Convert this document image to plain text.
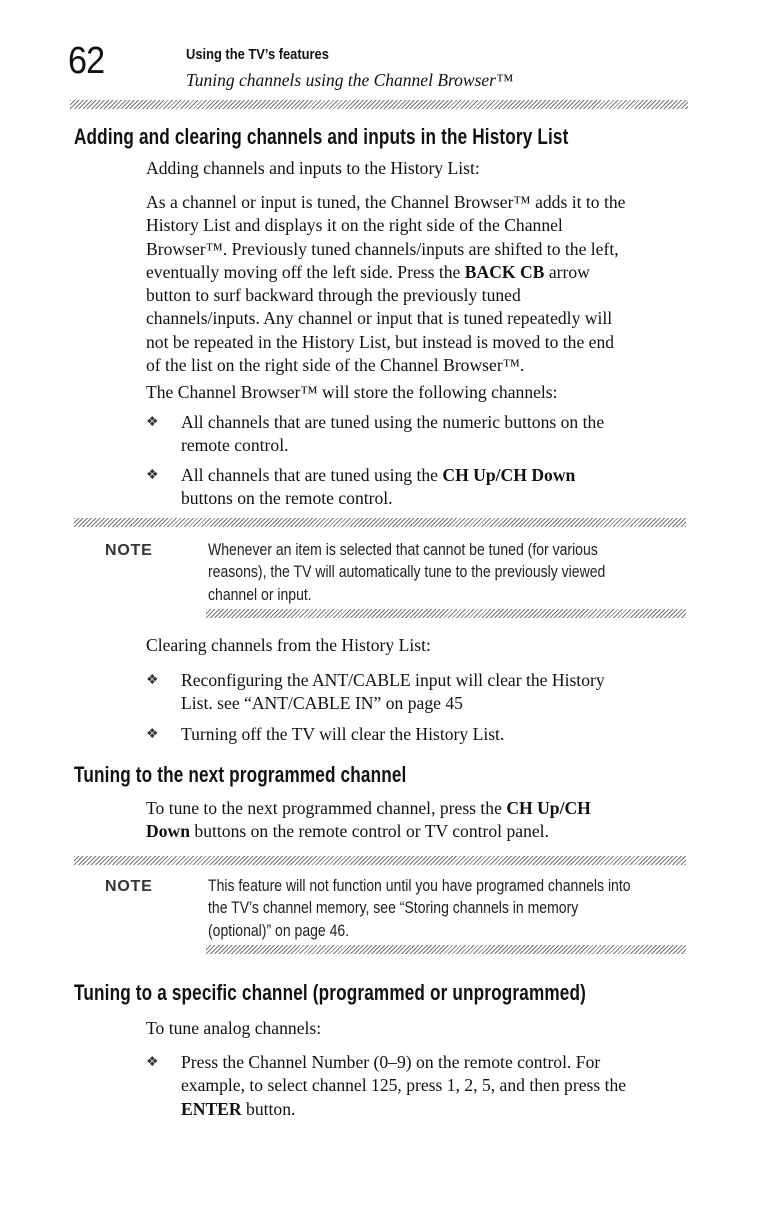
62	Using the TV’s features
Tuning channels using the Channel Browser™
Adding and clearing channels and inputs in the History List
Adding channels and inputs to the History List:
As a channel or input is tuned, the Channel Browser™ adds it to the
History List and displays it on the right side of the Channel
Browser™. Previously tuned channels/inputs are shifted to the left,
eventually moving off the left side. Press the BACK CB arrow
button to surf backward through the previously tuned
channels/inputs. Any channel or input that is tuned repeatedly will
not be repeated in the History List, but instead is moved to the end
of the list on the right side of the Channel Browser™.
The Channel Browser™ will store the following channels:
❖	All channels that are tuned using the numeric buttons on the
remote control.
❖	All channels that are tuned using the CH Up/CH Down
buttons on the remote control.
NOTE	Whenever an item is selected that cannot be tuned (for various
reasons), the TV will automatically tune to the previously viewed
channel or input.
Clearing channels from the History List:
❖	Reconfiguring the ANT/CABLE input will clear the History
List. see “ANT/CABLE IN” on page 45
❖	Turning off the TV will clear the History List.
Tuning to the next programmed channel
To tune to the next programmed channel, press the CH Up/CH
Down buttons on the remote control or TV control panel.
NOTE	This feature will not function until you have programed channels into
the TV’s channel memory, see “Storing channels in memory
(optional)” on page 46.
Tuning to a specific channel (programmed or unprogrammed)
To tune analog channels:
❖	Press the Channel Number (0–9) on the remote control. For
example, to select channel 125, press 1, 2, 5, and then press the
ENTER button.
